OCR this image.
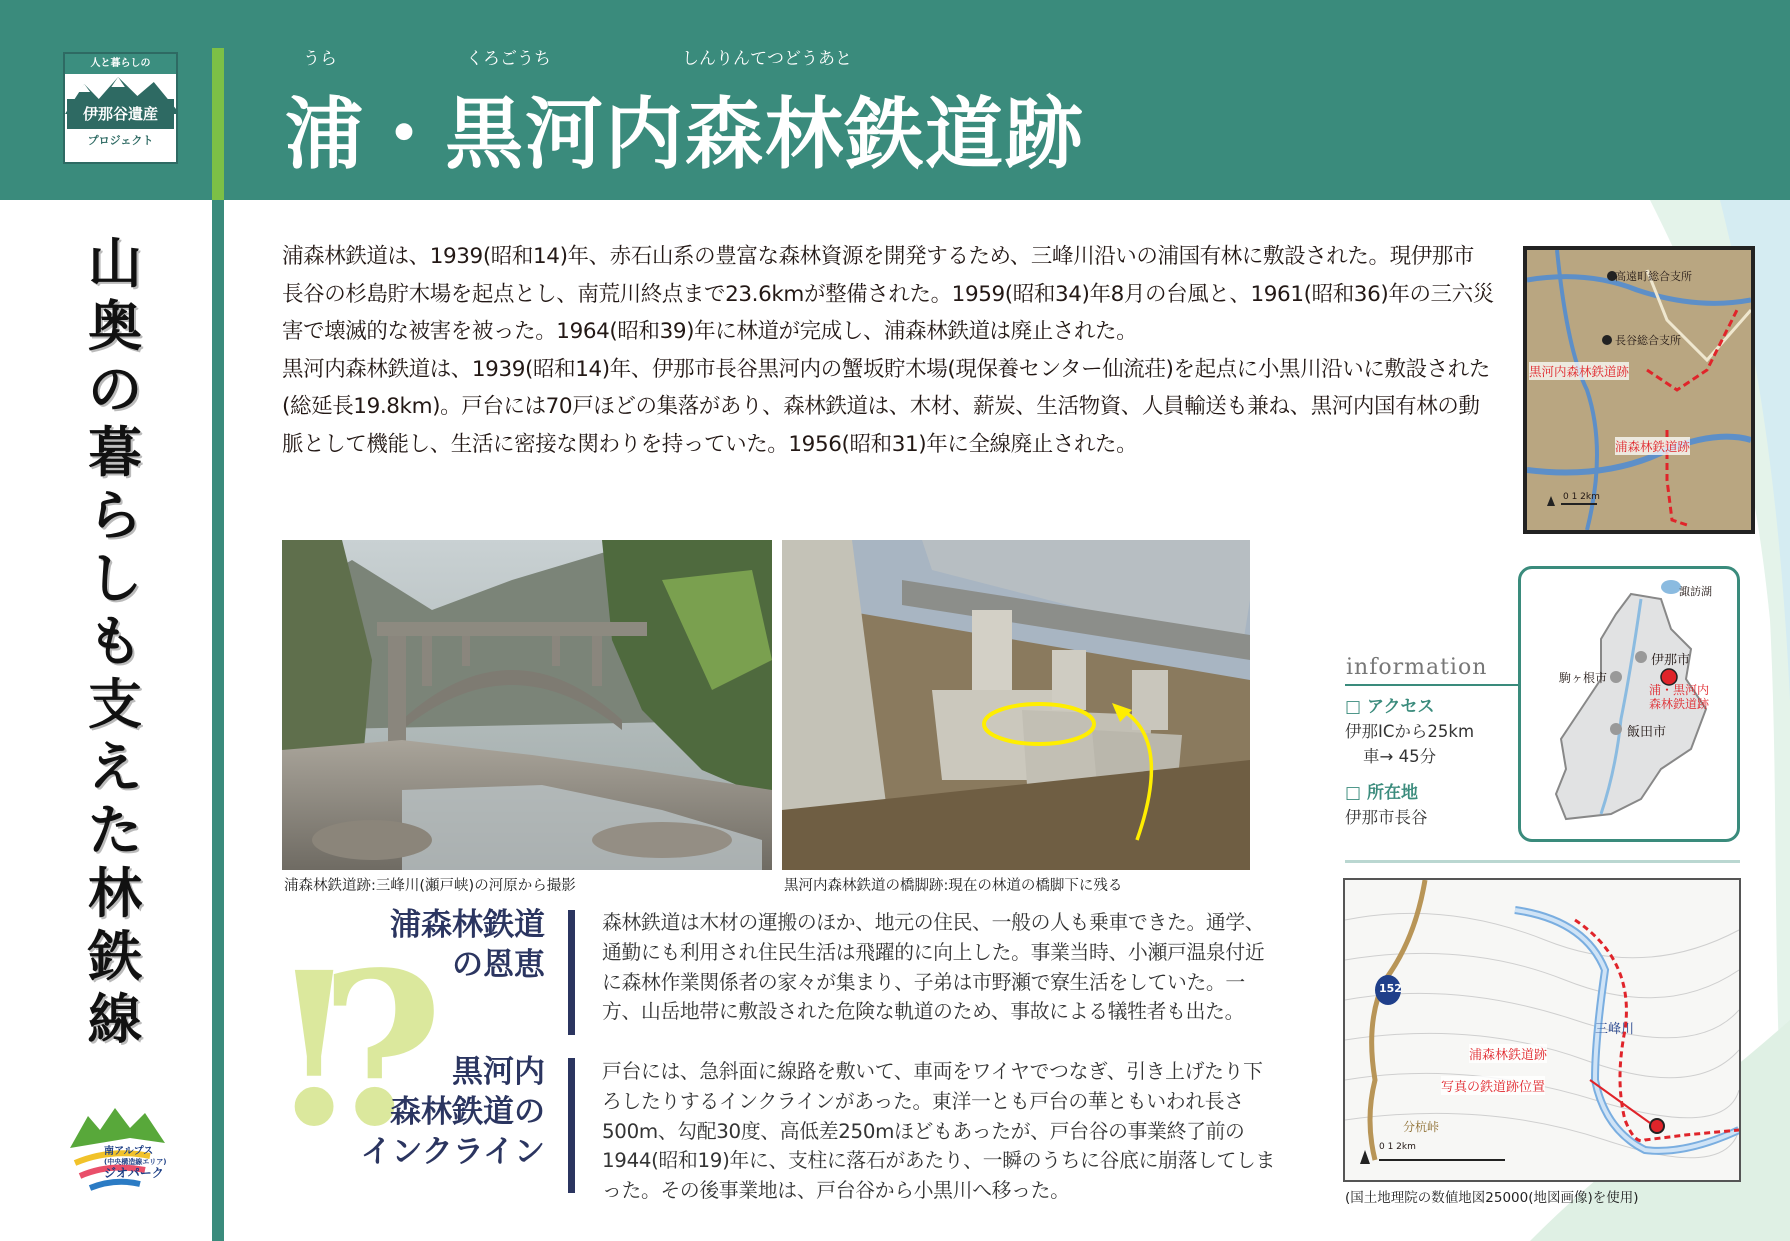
人と暮らしの
伊那谷遺産
プロジェクト
うら	くろごうち	しんりんてつどうあと
浦・黒河内森林鉄道跡
山奥の暮らしも支えた林鉄線

浦森林鉄道は、1939(昭和14)年、赤石山系の豊富な森林資源を開発するため、三峰川沿いの浦国有林に敷設された。現伊那市長谷の杉島貯木場を起点とし、南荒川終点まで23.6kmが整備された。1959(昭和34)年8月の台風と、1961(昭和36)年の三六災害で壊滅的な被害を被った。1964(昭和39)年に林道が完成し、浦森林鉄道は廃止された。

黒河内森林鉄道は、1939(昭和14)年、伊那市長谷黒河内の蟹坂貯木場(現保養センター仙流荘)を起点に小黒川沿いに敷設された(総延長19.8km)。戸台には70戸ほどの集落があり、森林鉄道は、木材、薪炭、生活物資、人員輸送も兼ね、黒河内国有林の動脈として機能し、生活に密接な関わりを持っていた。1956(昭和31)年に全線廃止された。

浦森林鉄道跡:三峰川(瀬戸峡)の河原から撮影	黒河内森林鉄道の橋脚跡:現在の林道の橋脚下に残る
!?
浦森林鉄道
の恩恵
森林鉄道は木材の運搬のほか、地元の住民、一般の人も乗車できた。通学、通勤にも利用され住民生活は飛躍的に向上した。事業当時、小瀬戸温泉付近に森林作業関係者の家々が集まり、子弟は市野瀬で寮生活をしていた。一方、山岳地帯に敷設された危険な軌道のため、事故による犠牲者も出た。
黒河内
森林鉄道の
インクライン
戸台には、急斜面に線路を敷いて、車両をワイヤでつなぎ、引き上げたり下ろしたりするインクラインがあった。東洋一とも戸台の華ともいわれ長さ500m、勾配30度、高低差250mほどもあったが、戸台谷の事業終了前の1944(昭和19)年に、支柱に落石があたり、一瞬のうちに谷底に崩落してしまった。その後事業地は、戸台谷から小黒川へ移った。
南アルプス
(中央構造線エリア)
ジオパーク
高遠町総合支所
長谷総合支所
黒河内森林鉄道跡
浦森林鉄道跡
0 1 2km
information
□ アクセス
伊那ICから25km
車→ 45分
□ 所在地
伊那市長谷
諏訪湖
伊那市
駒ヶ根市
飯田市
浦・黒河内
森林鉄道跡
152
三峰川
浦森林鉄道跡
写真の鉄道跡位置
分杭峠
0 1 2km
(国土地理院の数値地図25000(地図画像)を使用)
